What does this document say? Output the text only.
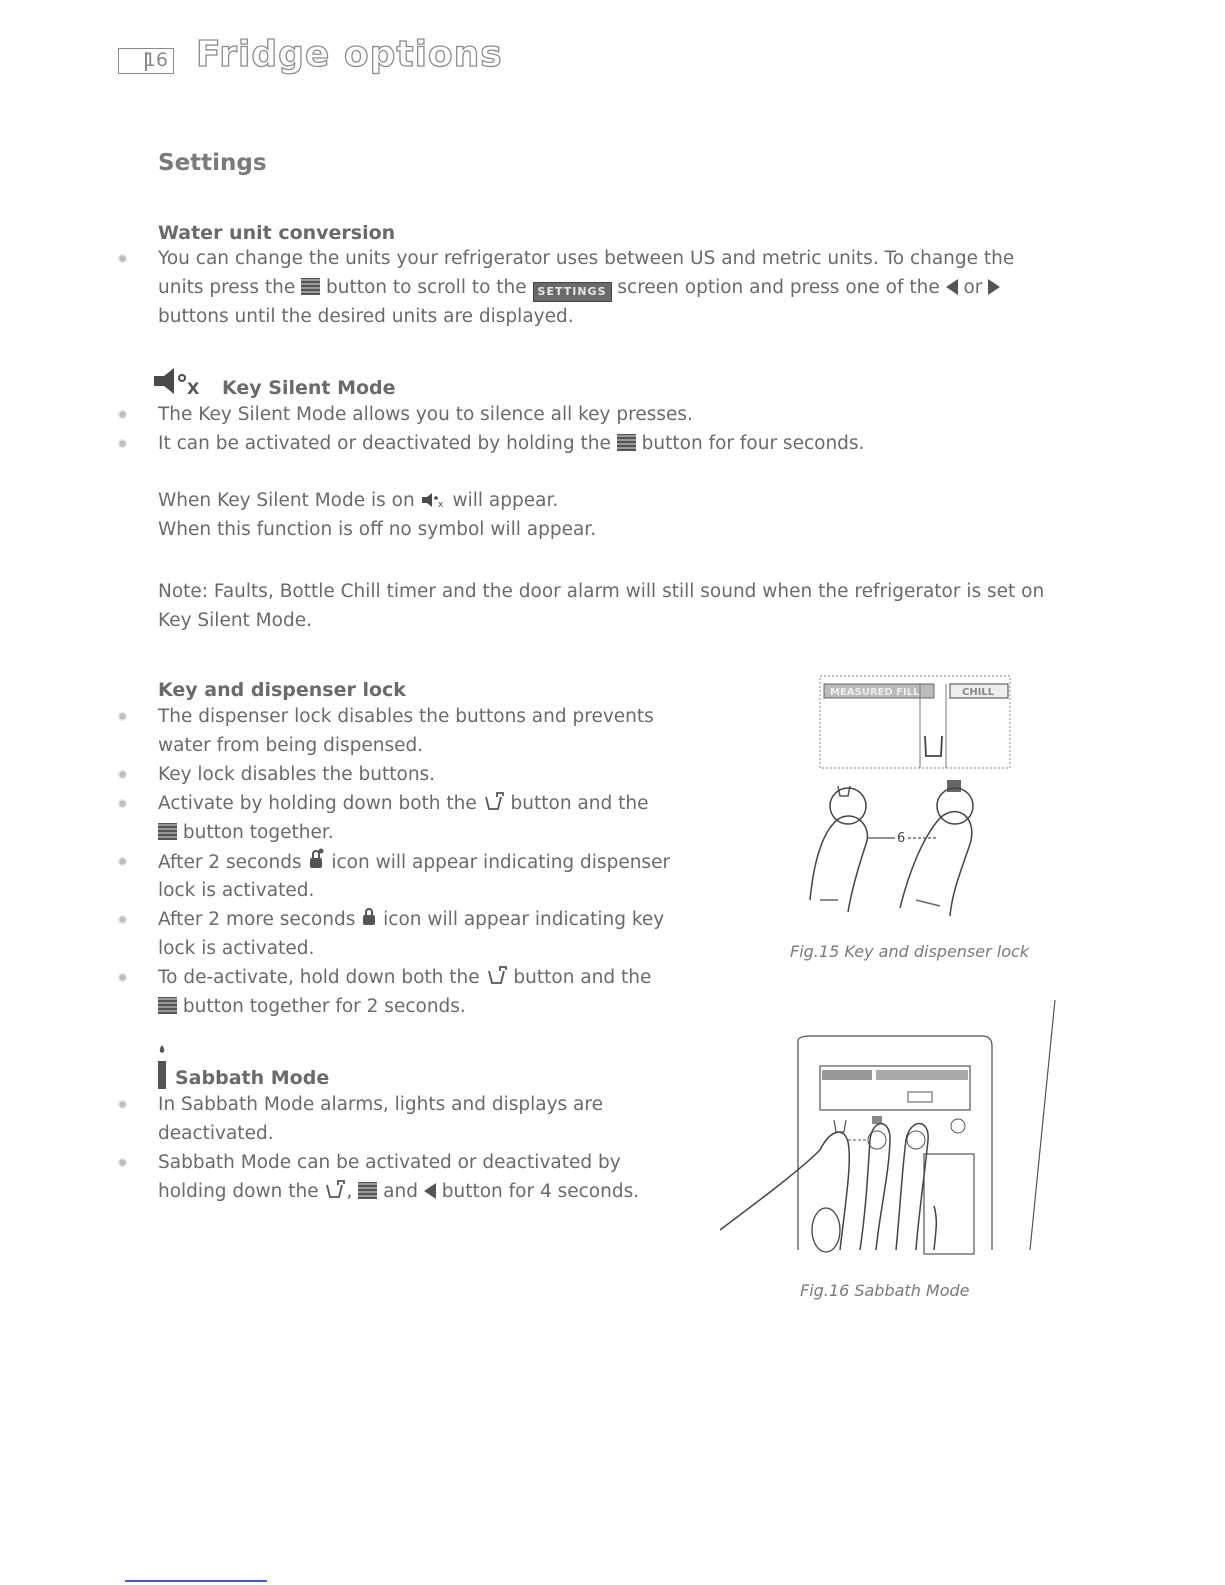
16 Fridge options
Settings
Water unit conversion
You can change the units your refrigerator uses between US and metric units. To change the
units press the button to scroll to the SETTINGS screen option and press one of the or
buttons until the desired units are displayed.
X Key Silent Mode
The Key Silent Mode allows you to silence all key presses.
It can be activated or deactivated by holding the button for four seconds.
When Key Silent Mode is on	x will appear.
When this function is off no symbol will appear.
Note: Faults, Bottle Chill timer and the door alarm will still sound when the refrigerator is set on
Key Silent Mode.
Key and dispenser lock
The dispenser lock disables the buttons and prevents
water from being dispensed.
Key lock disables the buttons.
Activate by holding down both the button and the
button together.
After 2 seconds icon will appear indicating dispenser
lock is activated.
After 2 more seconds icon will appear indicating key
lock is activated.
To de-activate, hold down both the button and the
button together for 2 seconds.
Sabbath Mode
In Sabbath Mode alarms, lights and displays are
deactivated.
Sabbath Mode can be activated or deactivated by
holding down the , and button for 4 seconds.
MEASURED FILL	CHILL
6
Fig.15 Key and dispenser lock
Fig.16 Sabbath Mode
